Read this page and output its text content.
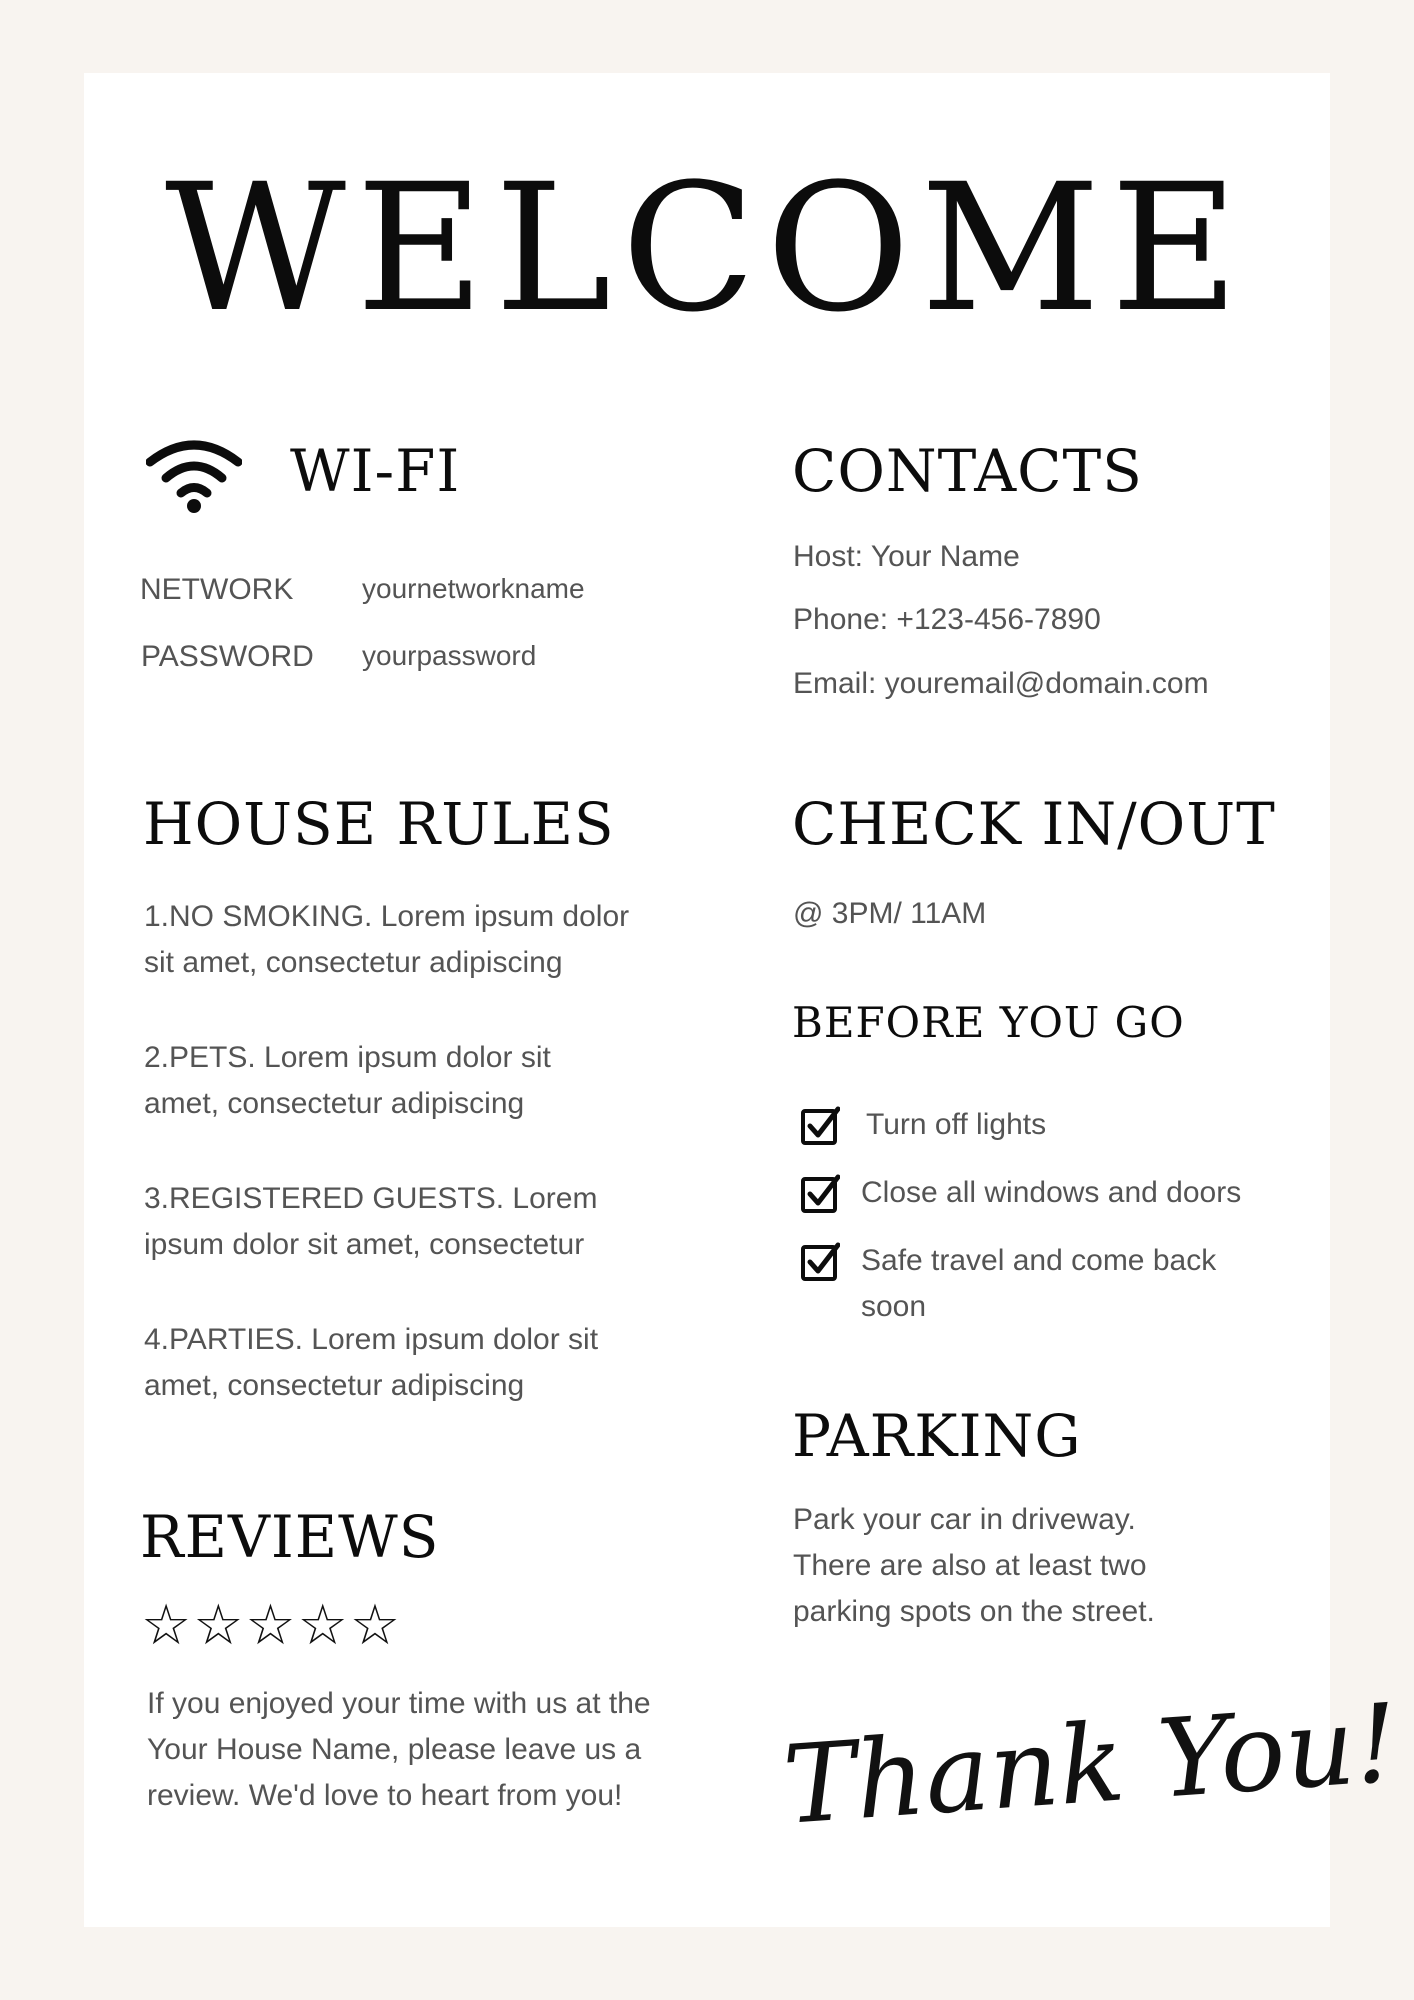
WELCOME
WI-FI
NETWORK yournetworkname
PASSWORD yourpassword
CONTACTS
Host: Your Name
Phone: +123-456-7890
Email: youremail@domain.com
HOUSE RULES
1.NO SMOKING. Lorem ipsum dolor
sit amet, consectetur adipiscing
2.PETS. Lorem ipsum dolor sit
amet, consectetur adipiscing
3.REGISTERED GUESTS. Lorem
ipsum dolor sit amet, consectetur
4.PARTIES. Lorem ipsum dolor sit
amet, consectetur adipiscing
CHECK IN/OUT
@ 3PM/ 11AM
BEFORE YOU GO
Turn off lights
Close all windows and doors
Safe travel and come back
soon
PARKING
Park your car in driveway.
There are also at least two
parking spots on the street.
REVIEWS
☆☆☆☆☆
If you enjoyed your time with us at the
Your House Name, please leave us a
review. We'd love to heart from you! Thank You!
